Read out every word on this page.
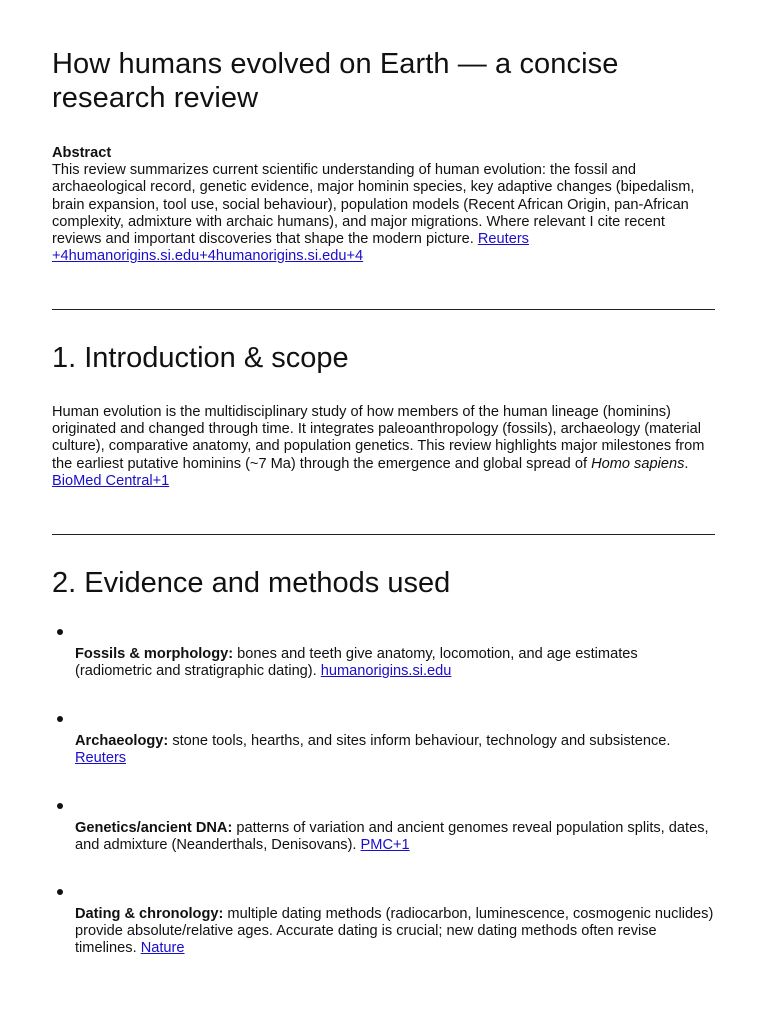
How humans evolved on Earth — a concise research review
Abstract
This review summarizes current scientific understanding of human evolution: the fossil and archaeological record, genetic evidence, major hominin species, key adaptive changes (bipedalism, brain expansion, tool use, social behaviour), population models (Recent African Origin, pan-African complexity, admixture with archaic humans), and major migrations. Where relevant I cite recent reviews and important discoveries that shape the modern picture. Reuters +4humanorigins.si.edu+4humanorigins.si.edu+4
1. Introduction & scope
Human evolution is the multidisciplinary study of how members of the human lineage (hominins) originated and changed through time. It integrates paleoanthropology (fossils), archaeology (material culture), comparative anatomy, and population genetics. This review highlights major milestones from the earliest putative hominins (~7 Ma) through the emergence and global spread of Homo sapiens. BioMed Central+1
2. Evidence and methods used
Fossils & morphology: bones and teeth give anatomy, locomotion, and age estimates (radiometric and stratigraphic dating). humanorigins.si.edu
Archaeology: stone tools, hearths, and sites inform behaviour, technology and subsistence. Reuters
Genetics/ancient DNA: patterns of variation and ancient genomes reveal population splits, dates, and admixture (Neanderthals, Denisovans). PMC+1
Dating & chronology: multiple dating methods (radiocarbon, luminescence, cosmogenic nuclides) provide absolute/relative ages. Accurate dating is crucial; new dating methods often revise timelines. Nature
